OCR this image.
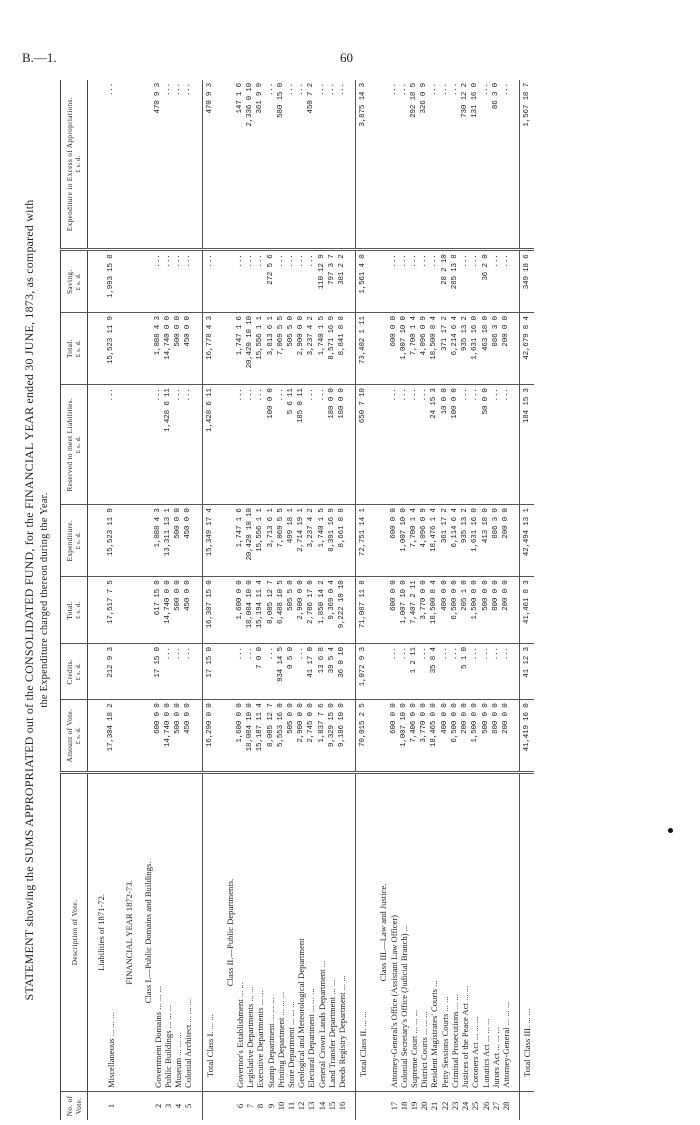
B.—1.	60
STATEMENT showing the SUMS APPROPRIATED out of the CONSOLIDATED FUND, for the FINANCIAL YEAR ended 30 JUNE, 1873, as compared with the Expenditure charged thereon during the Year.
No. of Vote.	Description of Vote.	Amount of Vote. £ s. d.	Credits. £ s. d.	Total. £ s. d.	Expenditure. £ s. d.	Reserved to meet Liabilities. £ s. d.	Total. £ s. d.	Saving. £ s. d.	Expenditure in Excess of Appropriations. £ s. d.

	Liabilities of 1871-72.								
1	Miscellaneous ... ... ...	17,304 18 2	212 9 3	17,517 7 5	15,523 11 9	...	15,523 11 9	1,993 15 8	...

	FINANCIAL YEAR 1872-73.								

	Class I.—Public Domains and Buildings.								
2	Government Domains ... ... ...	600 0 0	17 15 0	617 15 0	1,088 4 3	...	1,088 4 3	...	470 9 3
3	Public Buildings ... ... ...	14,740 0 0	...	14,740 0 0	13,311 13 1	1,428 6 11	14,740 0 0	...	...
4	Museum ... ... ...	500 0 0	...	500 0 0	500 0 0	...	500 0 0	...	...
5	Colonial Architect ... ... ...	450 0 0	...	450 0 0	450 0 0	...	450 0 0	...	...

	Total Class I. ... ...	16,290 0 0	17 15 0	16,307 15 0	15,349 17 4	1,428 6 11	16,778 4 3	...	470 9 3

	Class II.—Public Departments.								
6	Governor's Establishment ... ...	1,600 0 0	...	1,600 0 0	1,747 1 6	...	1,747 1 6	...	147 1 6
7	Legislative Departments ... ...	18,084 10 0	...	18,084 10 0	20,420 10 10	...	20,420 10 10	...	2,336 0 10
8	Executive Departments ... ...	15,187 11 4	7 0 0	15,194 11 4	15,556 1 1	...	15,556 1 1	...	361 9 9
9	Stamp Department ... ... ...	8,085 12 7	...	8,085 12 7	3,713 6 1	100 0 0	3,813 6 1	272 5 6	...
10	Printing Department ... ... ...	5,553 16 0	934 14 5	6,488 10 5	7,069 5 5	...	7,069 5 5	...	580 15 0
11	Store Department ... ... ...	505 0 0	0 5 0	505 5 0	499 18 1	5 6 11	505 5 0	...	...
12	Geological and Meteorological Department	2,900 0 0	...	2,900 0 0	2,714 19 1	185 0 11	2,900 0 0	...	...
13	Electoral Department ... ... ...	2,745 0 0	41 17 0	2,786 17 0	3,237 4 2	...	3,237 4 2	...	450 7 2
14	General Crown Lands Department ...	1,837 7 6	13 6 8	1,850 14 2	1,740 1 5	...	1,740 1 5	110 12 9	...
15	Land Transfer Department ... ...	9,329 15 0	39 5 4	9,369 0 4	8,391 16 9	180 0 0	8,571 16 9	797 3 7	...
16	Deeds Registry Department ... ...	9,186 10 0	36 0 10	9,222 10 10	8,661 8 8	180 0 0	8,841 8 8	381 2 2	...

	Total Class II. ... ...	70,015 2 5	1,072 9 3	71,087 11 8	72,751 14 1	650 7 10	73,402 1 11	1,561 4 0	3,875 14 3

	Class III.—Law and Justice.								
17	Attorney-General's Office (Assistant Law Officer)	600 0 0	...	600 0 0	600 0 0	...	600 0 0	...	...
18	Colonial Secretary's Office (Judicial Branch) ...	1,007 10 0	...	1,007 10 0	1,007 10 0	...	1,007 10 0	...	...
19	Supreme Court ... ... ...	7,406 0 0	1 2 11	7,407 2 11	7,700 1 4	...	7,700 1 4	...	292 18 5
20	District Courts ... ... ...	3,770 0 0	...	3,770 0 0	4,096 0 9	...	4,096 0 9	...	326 0 9
21	Resident Magistrates' Courts ...	18,465 0 0	35 8 4	18,500 8 4	18,476 1 4	24 15 3	18,500 8 4	...	...
22	Petty Sessions Courts ... ...	400 0 0	...	400 0 0	361 17 2	10 0 0	371 17 2	28 2 10	...
23	Criminal Prosecutions ... ...	6,500 0 0	...	6,500 0 0	6,114 6 4	100 0 0	6,214 6 4	285 13 8	...
24	Justices of the Peace Act ... ...	200 0 0	5 1 0	205 1 0	935 13 2	...	935 13 2	...	730 12 2
25	Coroners Act ... ... ...	1,500 0 0	...	1,500 0 0	1,631 16 0	...	1,631 16 0	...	131 16 0
26	Lunatics Act ... ... ...	500 0 0	...	500 0 0	413 18 0	50 0 0	463 18 0	36 2 0	...
27	Jurors Act ... ... ...	800 0 0	...	800 0 0	886 3 0	...	886 3 0	...	86 3 0
28	Attorney-General ... ... ...	200 0 0	...	200 0 0	200 0 0	...	200 0 0	...	...

	Total Class III. ... ...	41,419 16 0	41 12 3	41,461 8 3	42,494 13 1	184 15 3	42,679 8 4	349 18 6	1,567 18 7
